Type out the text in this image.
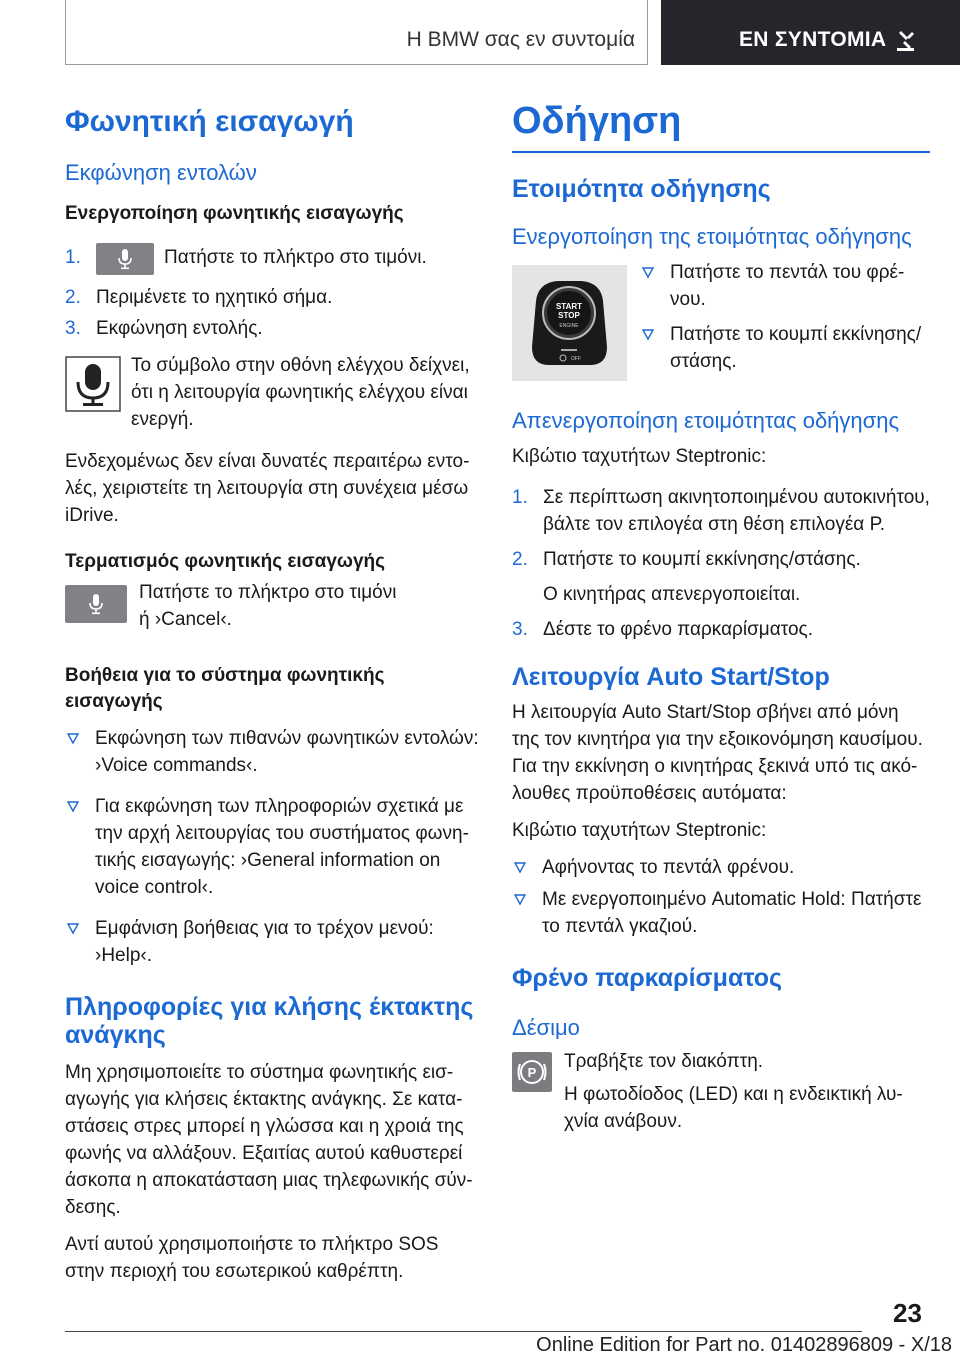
Η BMW σας εν συντομία	ΕΝ ΣΥΝΤΟΜΙΑ
Φωνητική εισαγωγή
Εκφώνηση εντολών
Ενεργοποίηση φωνητικής εισαγωγής
1.	Πατήστε το πλήκτρο στο τιμόνι.
2. Περιμένετε το ηχητικό σήμα.
3. Εκφώνηση εντολής.

Το σύμβολο στην οθόνη ελέγχου δείχνει, ότι η λειτουργία φωνητικής ελέγχου είναι ενεργή.

Ενδεχομένως δεν είναι δυνατές περαιτέρω εντο-λές, χειριστείτε τη λειτουργία στη συνέχεια μέσω iDrive.

Τερματισμός φωνητικής εισαγωγής

Πατήστε το πλήκτρο στο τιμόνι ή ›Cancel‹.

Βοήθεια για το σύστημα φωνητικής εισαγωγής
Εκφώνηση των πιθανών φωνητικών εντολών: ›Voice commands‹.
Για εκφώνηση των πληροφοριών σχετικά με την αρχή λειτουργίας του συστήματος φωνη-τικής εισαγωγής: ›General information on voice control‹.
Εμφάνιση βοήθειας για το τρέχον μενού: ›Help‹.
Πληροφορίες για κλήσης έκτακτης ανάγκης

Μη χρησιμοποιείτε το σύστημα φωνητικής εισ-αγωγής για κλήσεις έκτακτης ανάγκης. Σε κατα-στάσεις στρες μπορεί η γλώσσα και η χροιά της φωνής να αλλάξουν. Εξαιτίας αυτού καθυστερεί άσκοπα η αποκατάσταση μιας τηλεφωνικής σύν-δεσης.

Αντί αυτού χρησιμοποιήστε το πλήκτρο SOS στην περιοχή του εσωτερικού καθρέπτη.

Οδήγηση
Ετοιμότητα οδήγησης
Ενεργοποίηση της ετοιμότητας οδήγησης
START
STOP
ENGINE
OFF
Πατήστε το πεντάλ του φρέ-νου.
Πατήστε το κουμπί εκκίνησης/στάσης.
Απενεργοποίηση ετοιμότητας οδήγησης

Κιβώτιο ταχυτήτων Steptronic:

1. Σε περίπτωση ακινητοποιημένου αυτοκινήτου, βάλτε τον επιλογέα στη θέση επιλογέα P.
2. Πατήστε το κουμπί εκκίνησης/στάσης.
Ο κινητήρας απενεργοποιείται.
3. Δέστε το φρένο παρκαρίσματος.
Λειτουργία Auto Start/Stop

Η λειτουργία Auto Start/Stop σβήνει από μόνη της τον κινητήρα για την εξοικονόμηση καυσίμου. Για την εκκίνηση ο κινητήρας ξεκινά υπό τις ακό-λουθες προϋποθέσεις αυτόματα:

Κιβώτιο ταχυτήτων Steptronic:

Αφήνοντας το πεντάλ φρένου.
Με ενεργοποιημένο Automatic Hold: Πατήστε το πεντάλ γκαζιού.
Φρένο παρκαρίσματος
Δέσιμο
P

Τραβήξτε τον διακόπτη.

Η φωτοδίοδος (LED) και η ενδεικτική λυ-χνία ανάβουν.

23
Online Edition for Part no. 01402896809 - X/18
